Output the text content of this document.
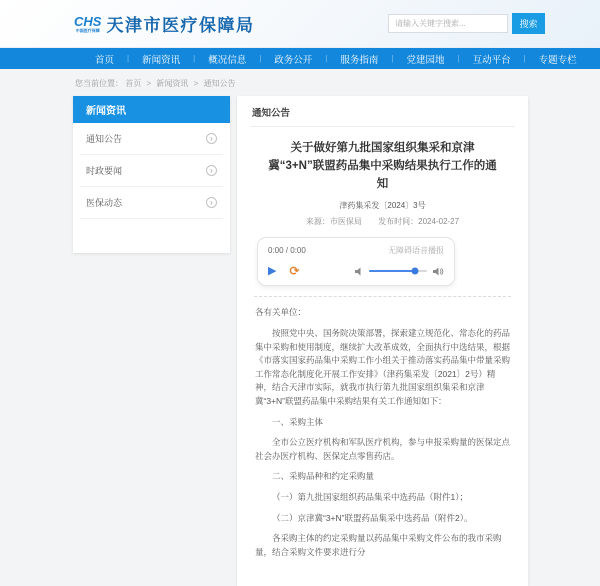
CHS
中国医疗保障 天津市医疗保障局
请输入关键字搜索...	搜索
首页	|	新闻资讯	|	概况信息	|	政务公开	|	服务指南	|	党建园地	|	互动平台	|	专题专栏
您当前位置： 首页 > 新闻资讯 > 通知公告
新闻资讯
通知公告	›
时政要闻	›
医保动态	›
通知公告
关于做好第九批国家组织集采和京津冀“3+N”联盟药品集中采购结果执行工作的通知
津药集采发〔2024〕3号
来源：市医保局 发布时间：2024-02-27
0:00 / 0:00	无障碍语音播报
▶ ⟳

各有关单位：

按照党中央、国务院决策部署，探索建立规范化、常态化的药品集中采购和使用制度，继续扩大改革成效，全面执行中选结果，根据《市落实国家药品集中采购工作小组关于推动落实药品集中带量采购工作常态化制度化开展工作安排》（津药集采发〔2021〕2号）精神，结合天津市实际，就我市执行第九批国家组织集采和京津冀“3+N”联盟药品集中采购结果有关工作通知如下：

一、采购主体

全市公立医疗机构和军队医疗机构，参与申报采购量的医保定点社会办医疗机构、医保定点零售药店。

二、采购品种和约定采购量

（一）第九批国家组织药品集采中选药品（附件1）；

（二）京津冀“3+N”联盟药品集采中选药品（附件2）。

各采购主体的约定采购量以药品集中采购文件公布的我市采购量，结合采购文件要求进行分
